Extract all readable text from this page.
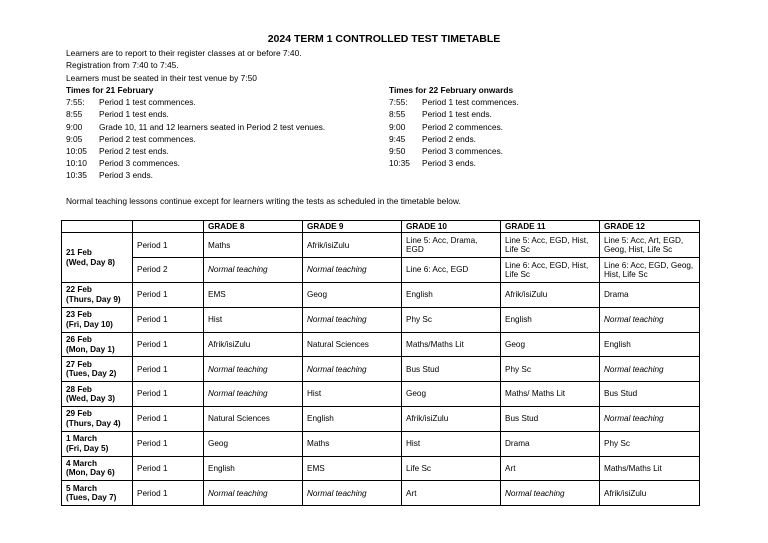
2024 TERM 1 CONTROLLED TEST TIMETABLE
Learners are to report to their register classes at or before 7:40.
Registration from 7:40 to 7:45.
Learners must be seated in their test venue by 7:50
Times for 21 February
7:55: Period 1 test commences.
8:55 Period 1 test ends.
9:00 Grade 10, 11 and 12 learners seated in Period 2 test venues.
9:05 Period 2 test commences.
10:05 Period 2 test ends.
10:10 Period 3 commences.
10:35 Period 3 ends.
Times for 22 February onwards
7:55: Period 1 test commences.
8:55 Period 1 test ends.
9:00 Period 2 commences.
9:45 Period 2 ends.
9:50 Period 3 commences.
10:35 Period 3 ends.
Normal teaching lessons continue except for learners writing the tests as scheduled in the timetable below.
		GRADE 8	GRADE 9	GRADE 10	GRADE 11	GRADE 12

21 Feb
(Wed, Day 8)	Period 1	Maths	Afrik/isiZulu	Line 5: Acc, Drama, EGD	Line 5: Acc, EGD, Hist, Life Sc	Line 5: Acc, Art, EGD, Geog, Hist, Life Sc
	Period 2	Normal teaching	Normal teaching	Line 6: Acc, EGD	Line 6: Acc, EGD, Hist, Life Sc	Line 6: Acc, EGD, Geog, Hist, Life Sc

22 Feb
(Thurs, Day 9)	Period 1	EMS	Geog	English	Afrik/isiZulu	Drama

23 Feb
(Fri, Day 10)	Period 1	Hist	Normal teaching	Phy Sc	English	Normal teaching

26 Feb
(Mon, Day 1)	Period 1	Afrik/isiZulu	Natural Sciences	Maths/Maths Lit	Geog	English

27 Feb
(Tues, Day 2)	Period 1	Normal teaching	Normal teaching	Bus Stud	Phy Sc	Normal teaching

28 Feb
(Wed, Day 3)	Period 1	Normal teaching	Hist	Geog	Maths/ Maths Lit	Bus Stud

29 Feb
(Thurs, Day 4)	Period 1	Natural Sciences	English	Afrik/isiZulu	Bus Stud	Normal teaching

1 March
(Fri, Day 5)	Period 1	Geog	Maths	Hist	Drama	Phy Sc

4 March
(Mon, Day 6)	Period 1	English	EMS	Life Sc	Art	Maths/Maths Lit

5 March
(Tues, Day 7)	Period 1	Normal teaching	Normal teaching	Art	Normal teaching	Afrik/isiZulu
